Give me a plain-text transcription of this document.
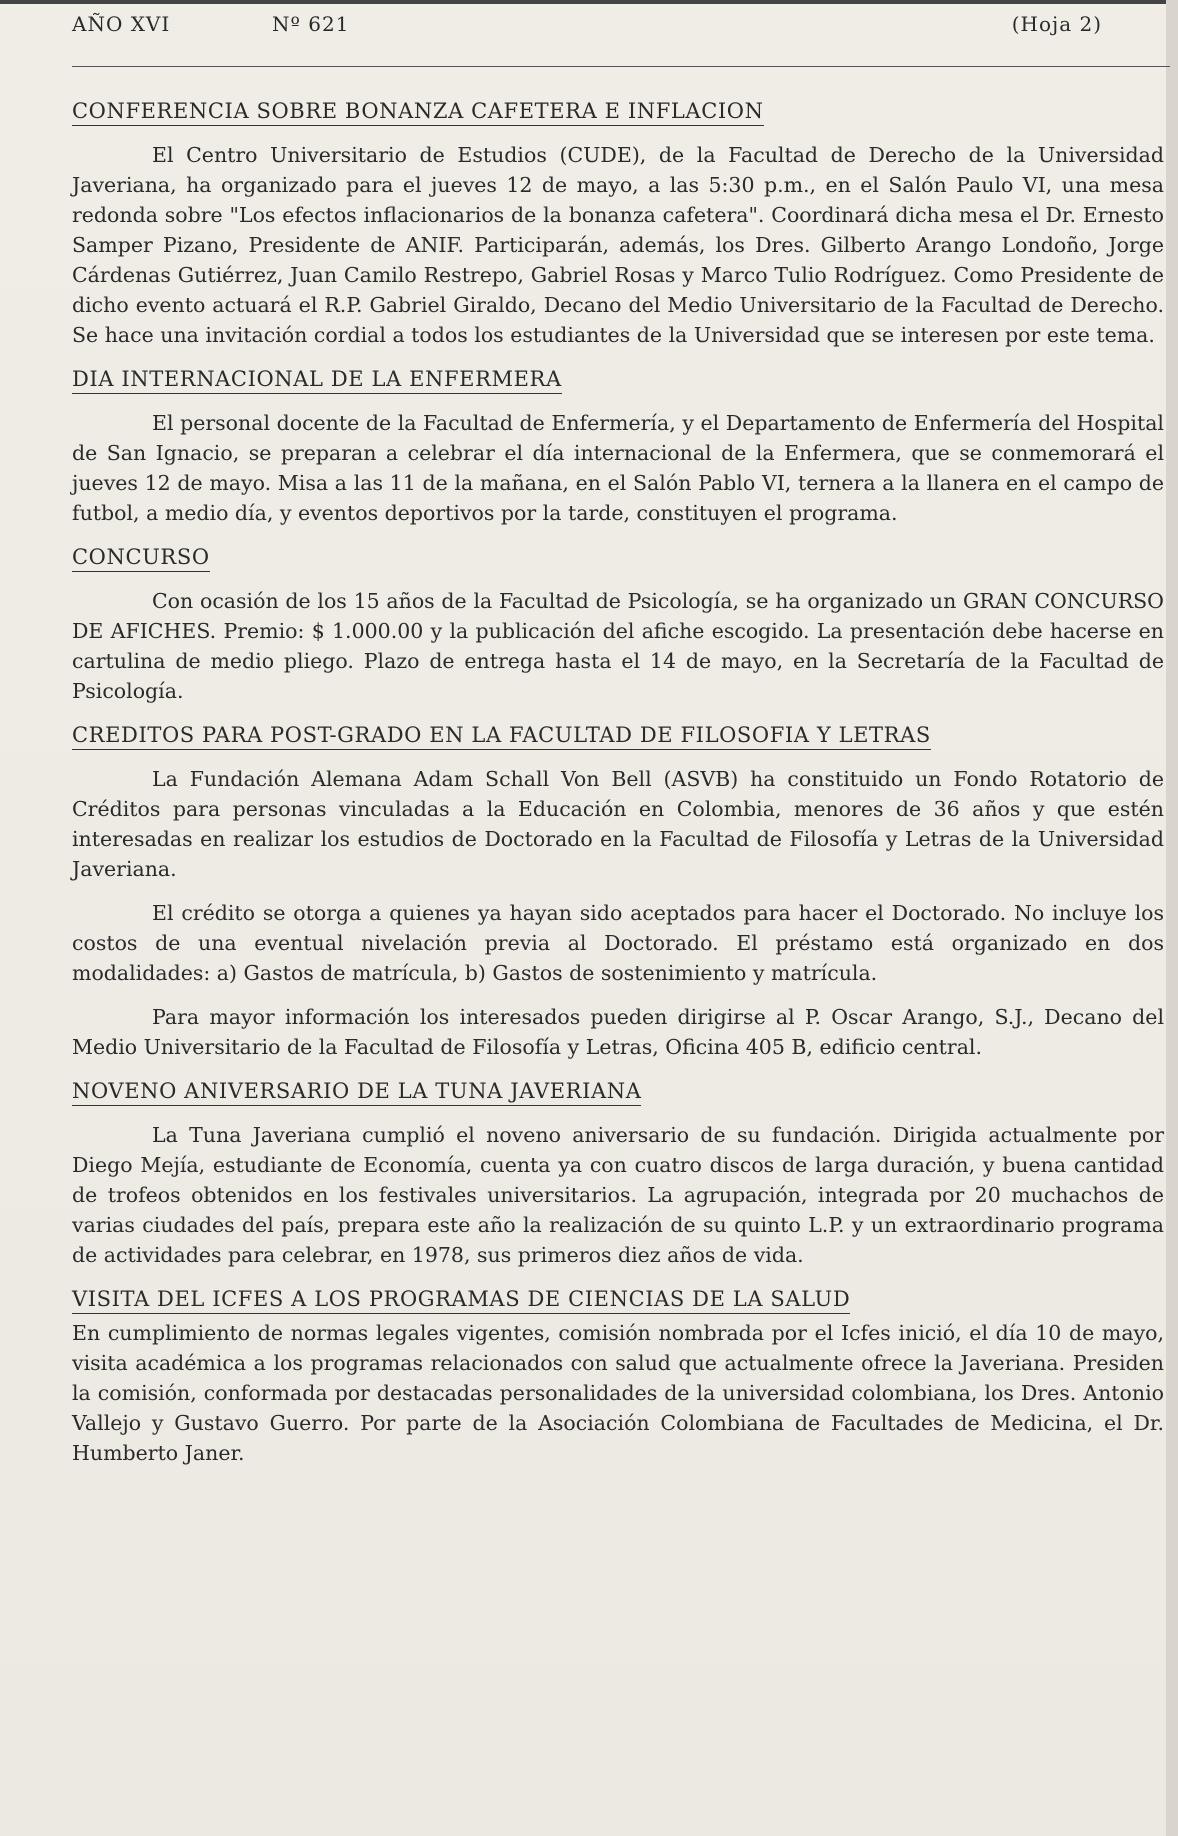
AÑO XVI	Nº 621	(Hoja 2)
CONFERENCIA SOBRE BONANZA CAFETERA E INFLACION

El Centro Universitario de Estudios (CUDE), de la Facultad de Derecho de la Universidad Javeriana, ha organizado para el jueves 12 de mayo, a las 5:30 p.m., en el Salón Paulo VI, una mesa redonda sobre "Los efectos inflacionarios de la bonanza cafetera". Coordinará dicha mesa el Dr. Ernesto Samper Pizano, Presidente de ANIF. Participarán, además, los Dres. Gilberto Arango Londoño, Jorge Cárdenas Gutiérrez, Juan Camilo Restrepo, Gabriel Rosas y Marco Tulio Rodríguez. Como Presidente de dicho evento actuará el R.P. Gabriel Giraldo, Decano del Medio Universitario de la Facultad de Derecho. Se hace una invitación cordial a todos los estudiantes de la Universidad que se interesen por este tema.

DIA INTERNACIONAL DE LA ENFERMERA

El personal docente de la Facultad de Enfermería, y el Departamento de Enfermería del Hospital de San Ignacio, se preparan a celebrar el día internacional de la Enfermera, que se conmemorará el jueves 12 de mayo. Misa a las 11 de la mañana, en el Salón Pablo VI, ternera a la llanera en el campo de futbol, a medio día, y eventos deportivos por la tarde, constituyen el programa.

CONCURSO

Con ocasión de los 15 años de la Facultad de Psicología, se ha organizado un GRAN CONCURSO DE AFICHES. Premio: $ 1.000.00 y la publicación del afiche escogido. La presentación debe hacerse en cartulina de medio pliego. Plazo de entrega hasta el 14 de mayo, en la Secretaría de la Facultad de Psicología.

CREDITOS PARA POST-GRADO EN LA FACULTAD DE FILOSOFIA Y LETRAS

La Fundación Alemana Adam Schall Von Bell (ASVB) ha constituido un Fondo Rotatorio de Créditos para personas vinculadas a la Educación en Colombia, menores de 36 años y que estén interesadas en realizar los estudios de Doctorado en la Facultad de Filosofía y Letras de la Universidad Javeriana.

El crédito se otorga a quienes ya hayan sido aceptados para hacer el Doctorado. No incluye los costos de una eventual nivelación previa al Doctorado. El préstamo está organizado en dos modalidades: a) Gastos de matrícula, b) Gastos de sostenimiento y matrícula.

Para mayor información los interesados pueden dirigirse al P. Oscar Arango, S.J., Decano del Medio Universitario de la Facultad de Filosofía y Letras, Oficina 405 B, edificio central.

NOVENO ANIVERSARIO DE LA TUNA JAVERIANA

La Tuna Javeriana cumplió el noveno aniversario de su fundación. Dirigida actualmente por Diego Mejía, estudiante de Economía, cuenta ya con cuatro discos de larga duración, y buena cantidad de trofeos obtenidos en los festivales universitarios. La agrupación, integrada por 20 muchachos de varias ciudades del país, prepara este año la realización de su quinto L.P. y un extraordinario programa de actividades para celebrar, en 1978, sus primeros diez años de vida.

VISITA DEL ICFES A LOS PROGRAMAS DE CIENCIAS DE LA SALUD

En cumplimiento de normas legales vigentes, comisión nombrada por el Icfes inició, el día 10 de mayo, visita académica a los programas relacionados con salud que actualmente ofrece la Javeriana. Presiden la comisión, conformada por destacadas personalidades de la universidad colombiana, los Dres. Antonio Vallejo y Gustavo Guerro. Por parte de la Asociación Colombiana de Facultades de Medicina, el Dr. Humberto Janer.
